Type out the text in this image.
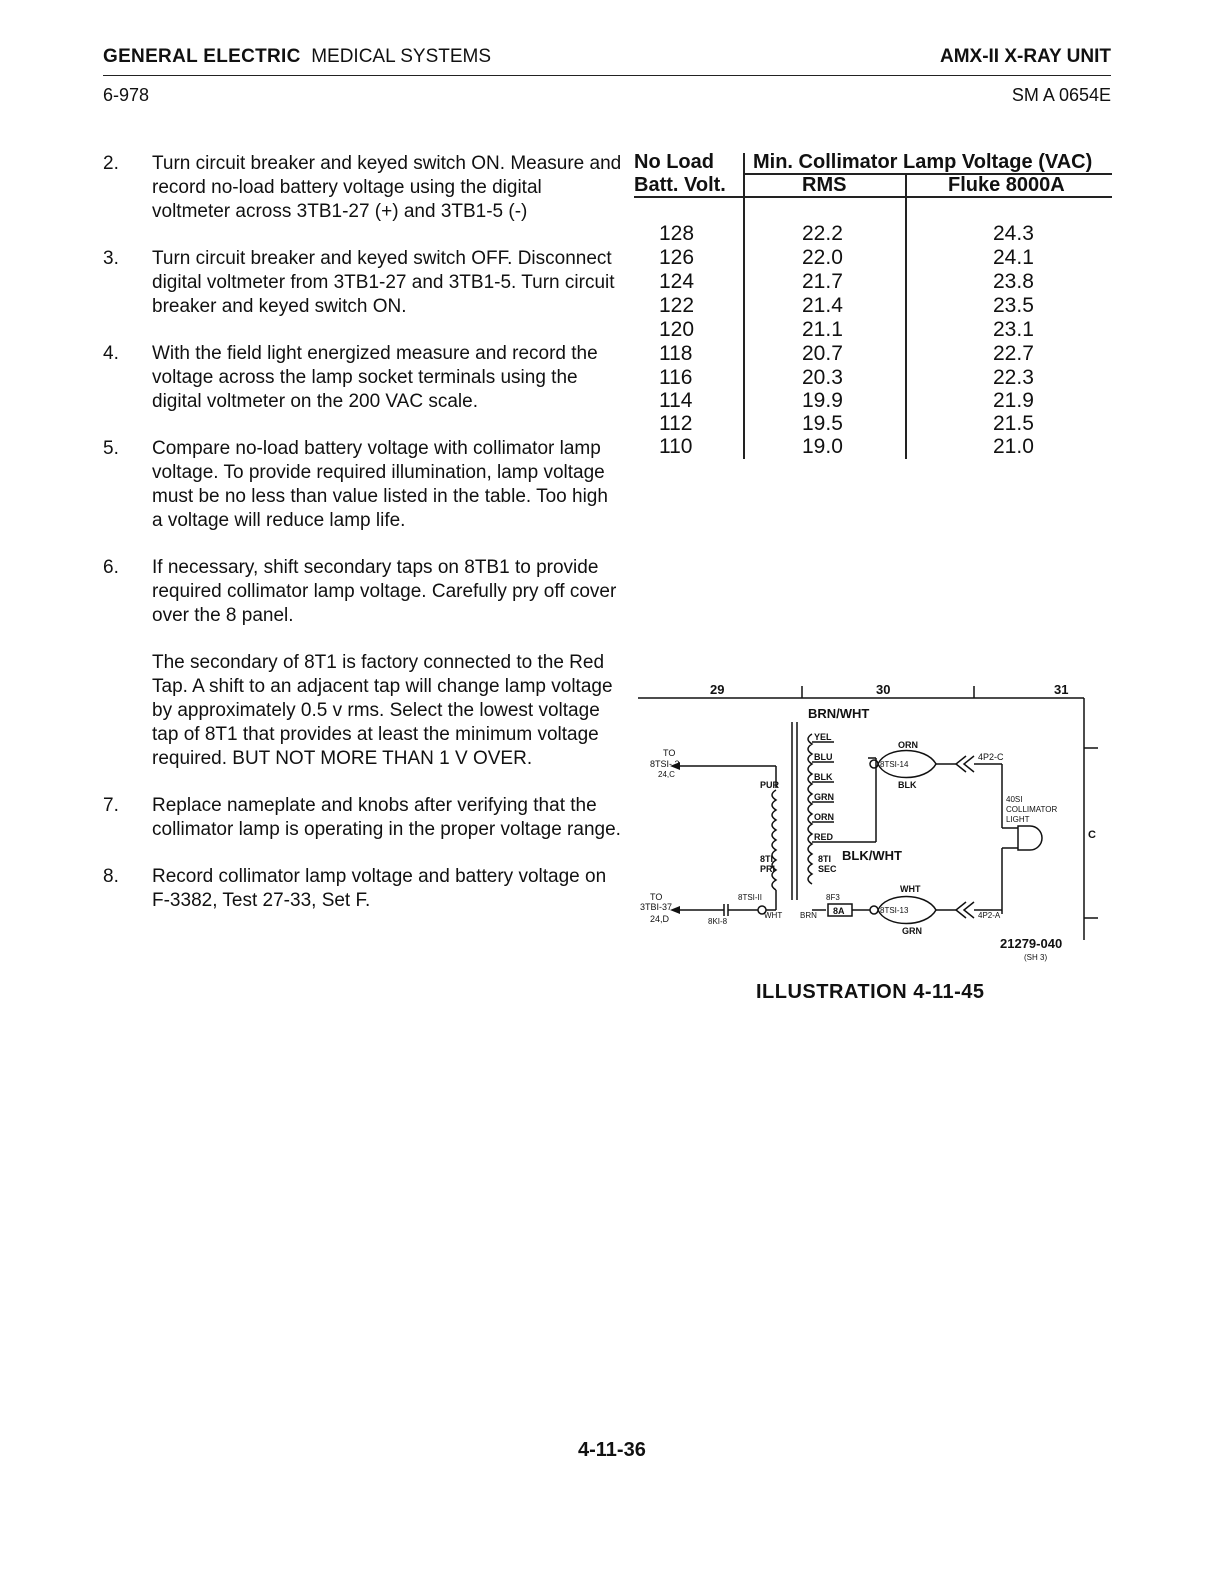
GENERAL ELECTRIC MEDICAL SYSTEMS	AMX-II X-RAY UNIT
6-978	SM A 0654E
2.	Turn circuit breaker and keyed switch ON. Measure and record no-load battery voltage using the digital voltmeter across 3TB1-27 (+) and 3TB1-5 (-)
3.	Turn circuit breaker and keyed switch OFF. Disconnect digital voltmeter from 3TB1-27 and 3TB1-5. Turn circuit breaker and keyed switch ON.
4.	With the field light energized measure and record the voltage across the lamp socket terminals using the digital voltmeter on the 200 VAC scale.
5.	Compare no-load battery voltage with collimator lamp voltage. To provide required illumination, lamp voltage must be no less than value listed in the table. Too high a voltage will reduce lamp life.
6.	If necessary, shift secondary taps on 8TB1 to provide required collimator lamp voltage. Carefully pry off cover over the 8 panel.
The secondary of 8T1 is factory connected to the Red Tap. A shift to an adjacent tap will change lamp voltage by approximately 0.5 v rms. Select the lowest voltage tap of 8T1 that provides at least the minimum voltage required. BUT NOT MORE THAN 1 V OVER.
7.	Replace nameplate and knobs after verifying that the collimator lamp is operating in the proper voltage range.
8.	Record collimator lamp voltage and battery voltage on F-3382, Test 27-33, Set F.
No Load
Batt. Volt.
Min. Collimator Lamp Voltage (VAC)
RMS	Fluke 8000A
128	22.2	24.3
126	22.0	24.1
124	21.7	23.8
122	21.4	23.5
120	21.1	23.1
118	20.7	22.7
116	20.3	22.3
114	19.9	21.9
112	19.5	21.5
110	19.0	21.0
29	30	31
BRN/WHT
TO
8TSI- 2
24,C
PUR
YEL
BLU
BLK
GRN
ORN
RED
ORN
8TSI-14
4P2-C
BLK
40SI
COLLIMATOR
LIGHT
C
8TI
PRI
8TI
SEC
BLK/WHT
TO
3TBI-37
24,D
8TSI-II
8KI-8
WHT BRN
8F3
8A
WHT
8TSI-13
4P2-A
GRN
21279-040
(SH 3)
ILLUSTRATION 4-11-45
4-11-36
